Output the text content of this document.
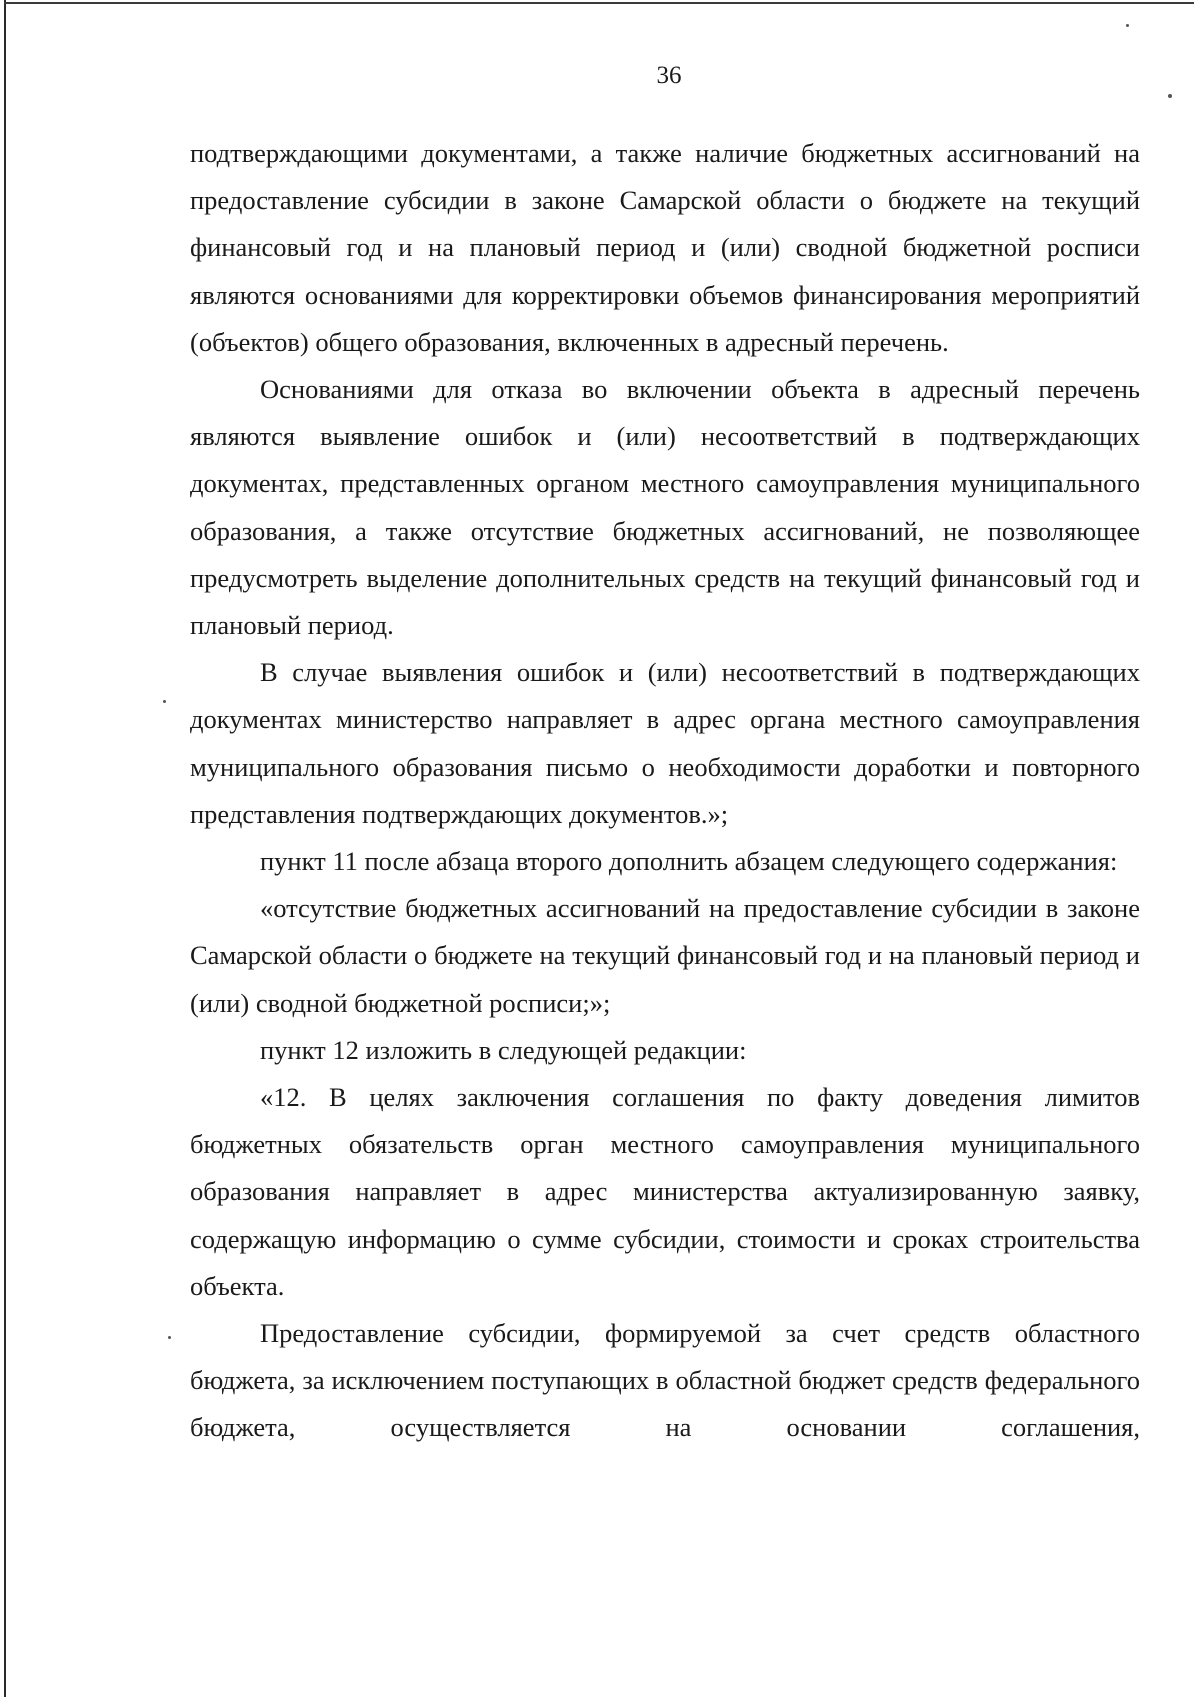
36

подтверждающими документами, а также наличие бюджетных ассигнований на предоставление субсидии в законе Самарской области о бюджете на текущий финансовый год и на плановый период и (или) сводной бюджетной росписи являются основаниями для корректировки объемов финансирования мероприятий (объектов) общего образования, включенных в адресный перечень.

Основаниями для отказа во включении объекта в адресный перечень являются выявление ошибок и (или) несоответствий в подтверждающих документах, представленных органом местного самоуправления муниципального образования, а также отсутствие бюджетных ассигнований, не позволяющее предусмотреть выделение дополнительных средств на текущий финансовый год и плановый период.

В случае выявления ошибок и (или) несоответствий в подтверждающих документах министерство направляет в адрес органа местного самоуправления муниципального образования письмо о необходимости доработки и повторного представления подтверждающих документов.»;

пункт 11 после абзаца второго дополнить абзацем следующего содержания:

«отсутствие бюджетных ассигнований на предоставление субсидии в законе Самарской области о бюджете на текущий финансовый год и на плановый период и (или) сводной бюджетной росписи;»;

пункт 12 изложить в следующей редакции:

«12. В целях заключения соглашения по факту доведения лимитов бюджетных обязательств орган местного самоуправления муниципального образования направляет в адрес министерства актуализированную заявку, содержащую информацию о сумме субсидии, стоимости и сроках строительства объекта.

Предоставление субсидии, формируемой за счет средств областного бюджета, за исключением поступающих в областной бюджет средств федерального бюджета, осуществляется на основании соглашения,
